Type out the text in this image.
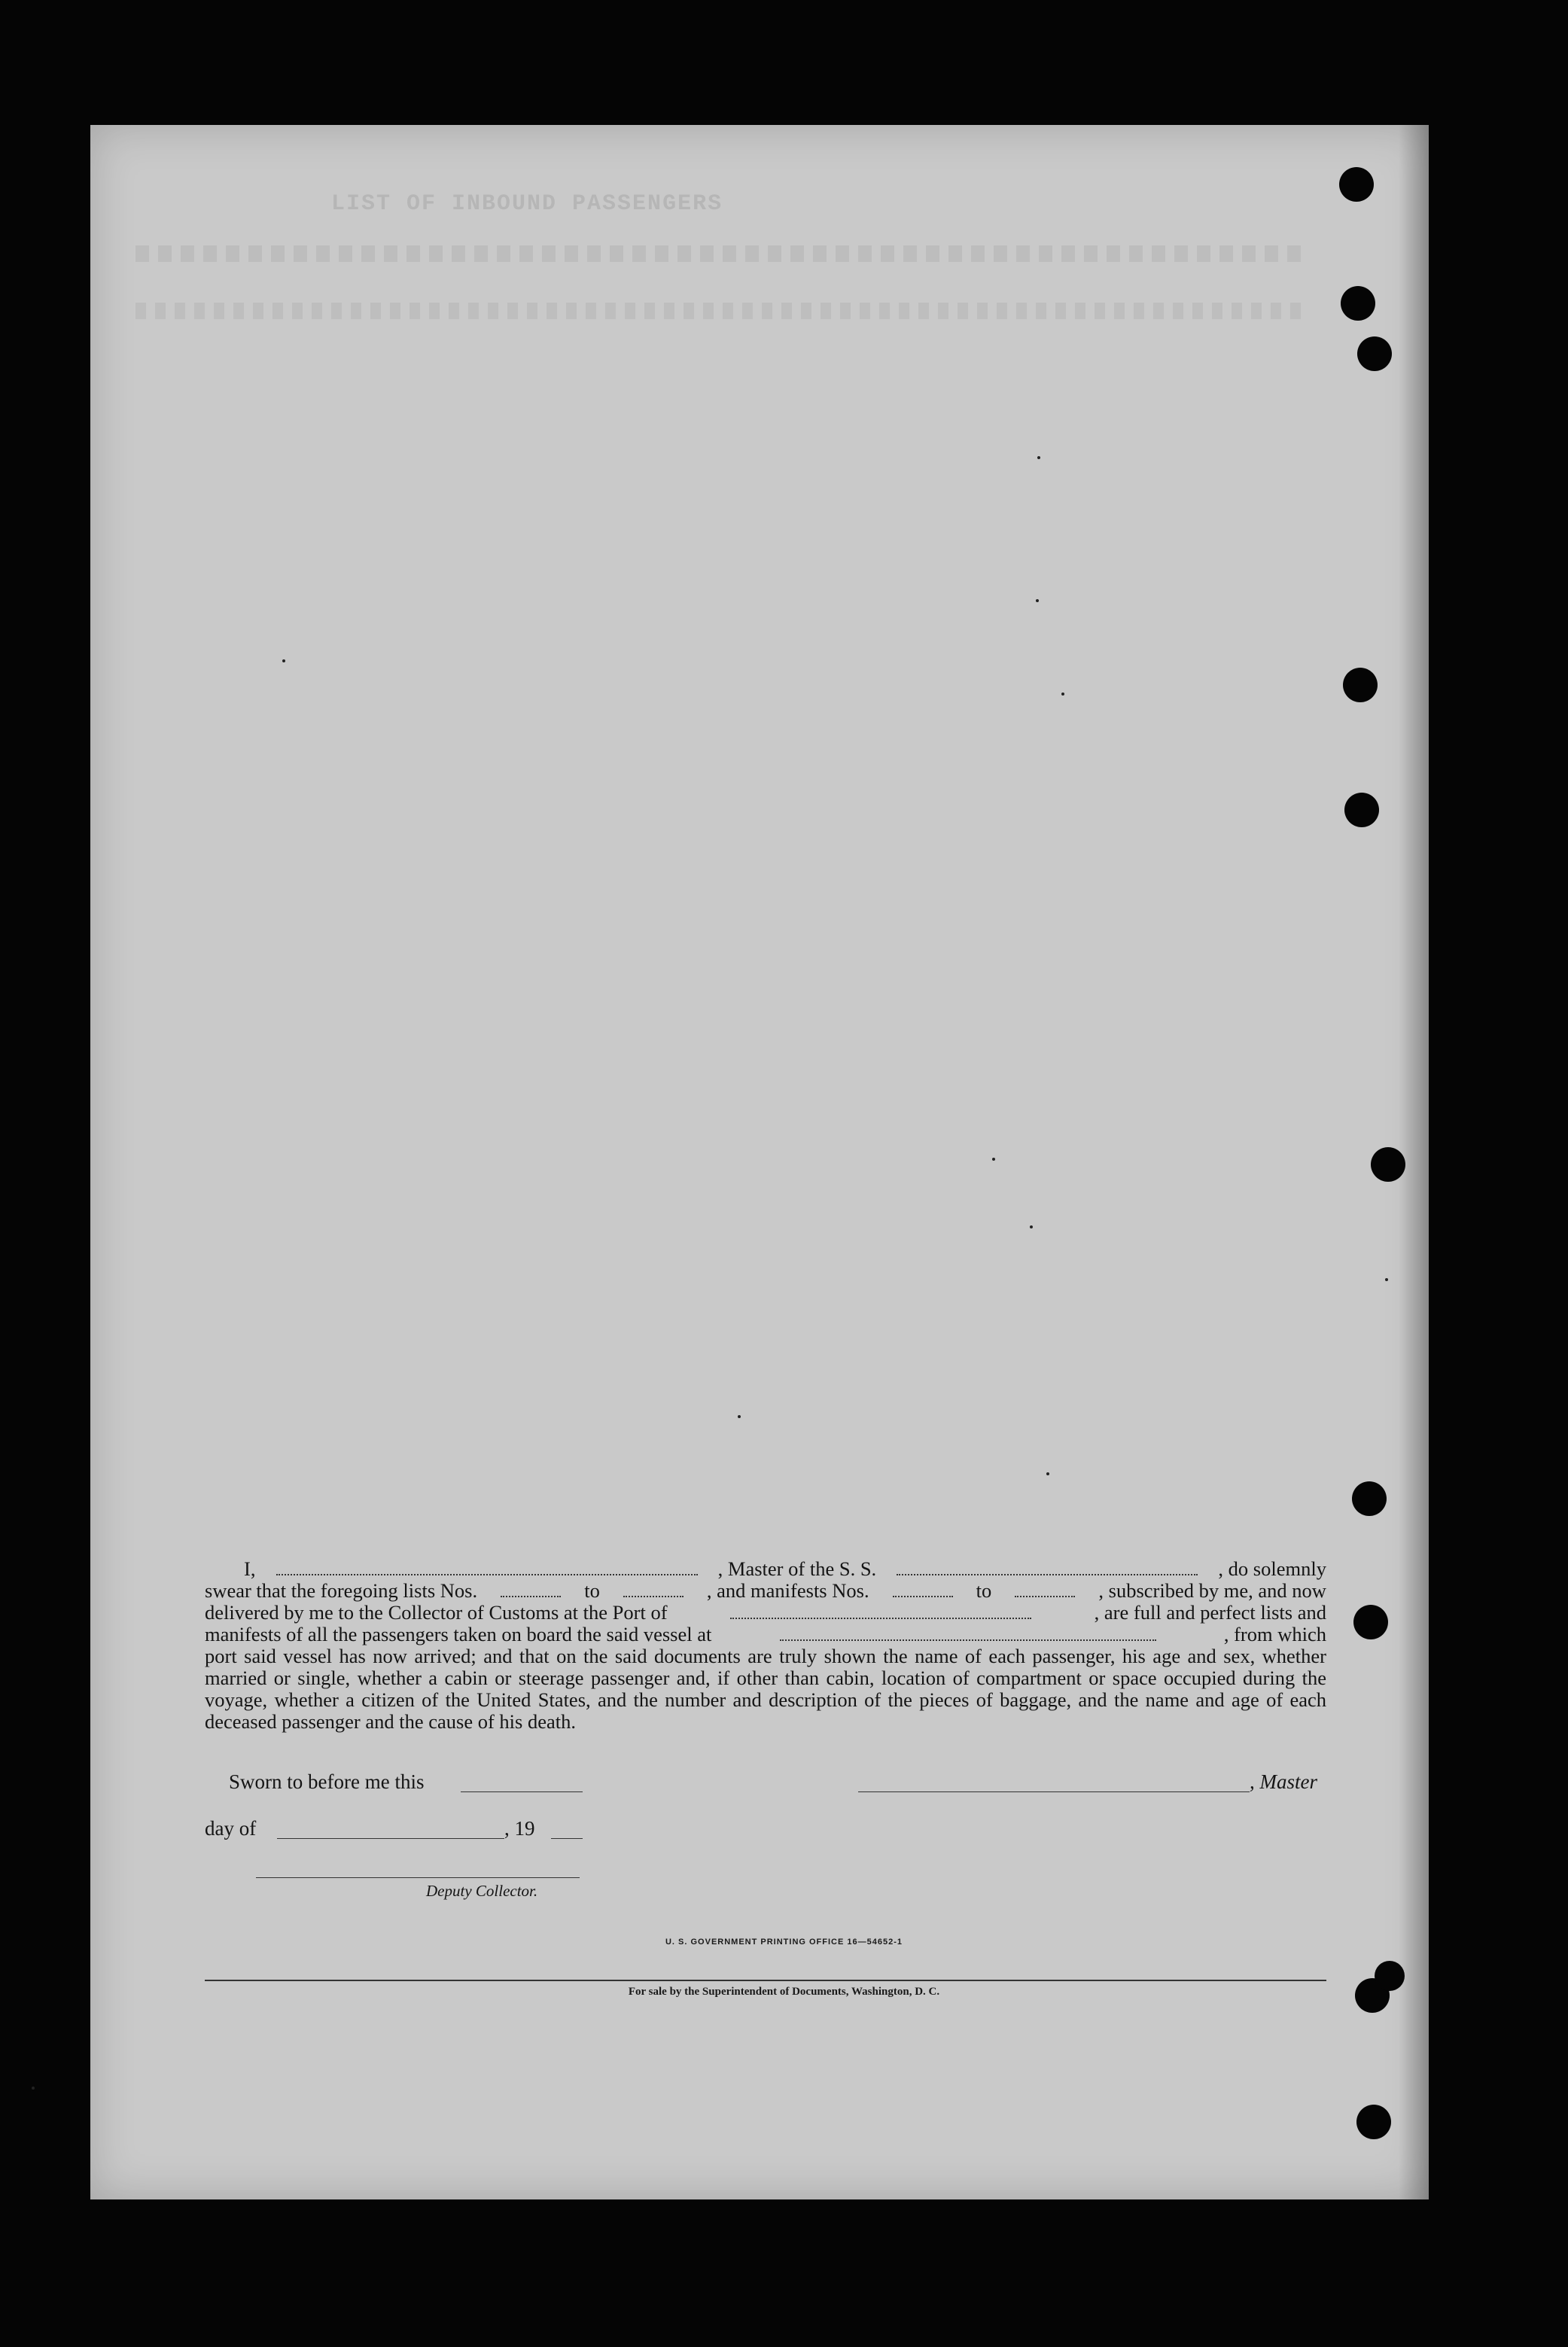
LIST OF INBOUND PASSENGERS
I,	, Master of the S. S.	, do solemnly
swear that the foregoing lists Nos.	to	, and manifests Nos.	to	, subscribed by me, and now
delivered by me to the Collector of Customs at the Port of	, are full and perfect lists and
manifests of all the passengers taken on board the said vessel at	, from which
port said vessel has now arrived; and that on the said documents are truly shown the name of each passenger, his age and sex, whether married or single, whether a cabin or steerage passenger and, if other than cabin, location of compartment or space occupied during the voyage, whether a citizen of the United States, and the number and description of the pieces of baggage, and the name and age of each deceased passenger and the cause of his death.
Sworn to before me this	, Master
day of	, 19
Deputy Collector.
U. S. GOVERNMENT PRINTING OFFICE 16—54652-1
For sale by the Superintendent of Documents, Washington, D. C.
